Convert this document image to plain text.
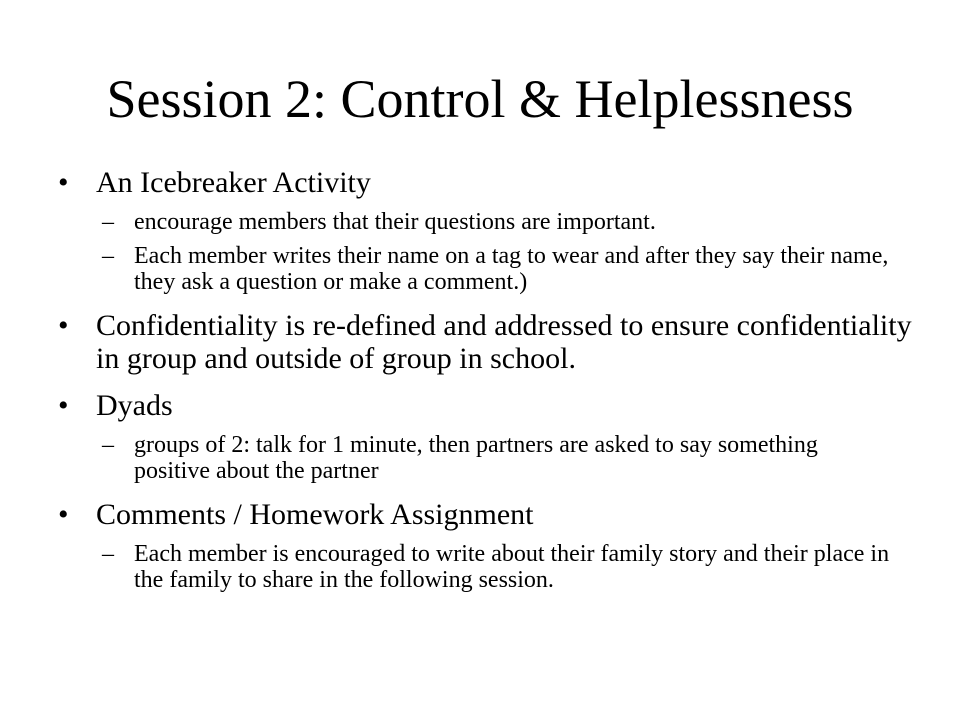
Session 2: Control & Helplessness
• An Icebreaker Activity
– encourage members that their questions are important.
– Each member writes their name on a tag to wear and after they say their name, they ask a question or make a comment.)
• Confidentiality is re-defined and addressed to ensure confidentiality in group and outside of group in school.
• Dyads
– groups of 2: talk for 1 minute, then partners are asked to say something positive about the partner
• Comments / Homework Assignment
– Each member is encouraged to write about their family story and their place in the family to share in the following session.
